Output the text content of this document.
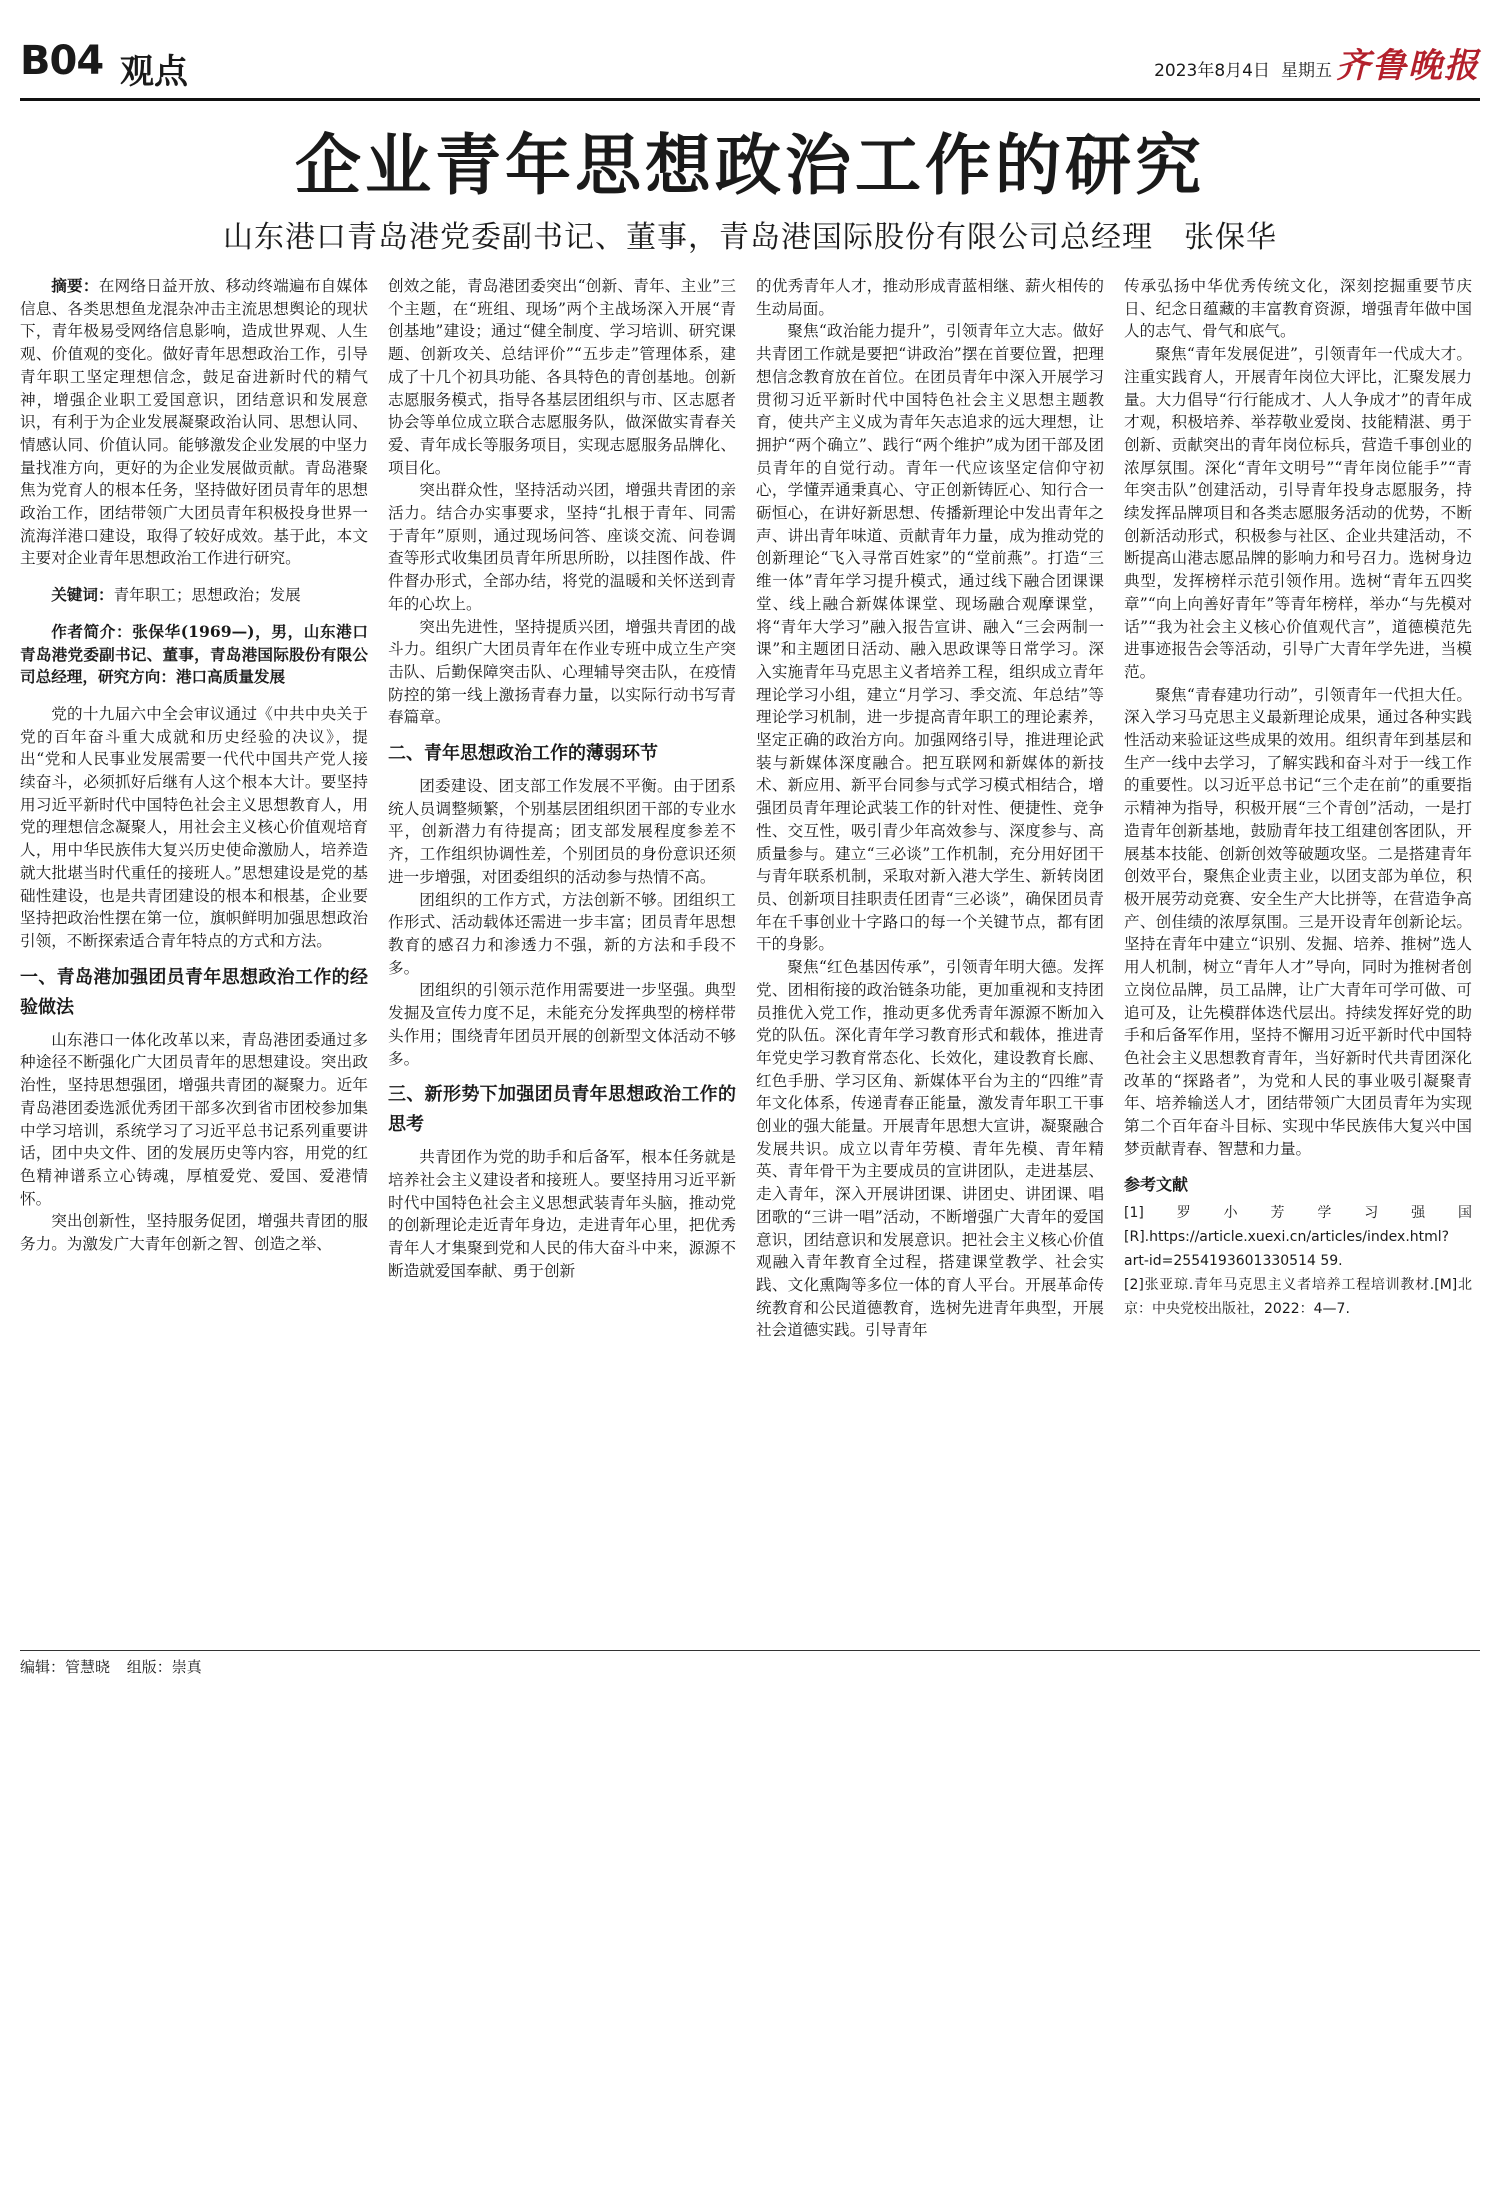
B04 观点	2023年8月4日 星期五 齐鲁晚报
企业青年思想政治工作的研究
山东港口青岛港党委副书记、董事，青岛港国际股份有限公司总经理　张保华

摘要：在网络日益开放、移动终端遍布自媒体信息、各类思想鱼龙混杂冲击主流思想舆论的现状下，青年极易受网络信息影响，造成世界观、人生观、价值观的变化。做好青年思想政治工作，引导青年职工坚定理想信念，鼓足奋进新时代的精气神，增强企业职工爱国意识，团结意识和发展意识，有利于为企业发展凝聚政治认同、思想认同、情感认同、价值认同。能够激发企业发展的中坚力量找准方向，更好的为企业发展做贡献。青岛港聚焦为党育人的根本任务，坚持做好团员青年的思想政治工作，团结带领广大团员青年积极投身世界一流海洋港口建设，取得了较好成效。基于此，本文主要对企业青年思想政治工作进行研究。

关键词：青年职工；思想政治；发展

作者简介：张保华(1969—)，男，山东港口青岛港党委副书记、董事，青岛港国际股份有限公司总经理，研究方向：港口高质量发展

党的十九届六中全会审议通过《中共中央关于党的百年奋斗重大成就和历史经验的决议》，提出“党和人民事业发展需要一代代中国共产党人接续奋斗，必须抓好后继有人这个根本大计。要坚持用习近平新时代中国特色社会主义思想教育人，用党的理想信念凝聚人，用社会主义核心价值观培育人，用中华民族伟大复兴历史使命激励人，培养造就大批堪当时代重任的接班人。”思想建设是党的基础性建设，也是共青团建设的根本和根基，企业要坚持把政治性摆在第一位，旗帜鲜明加强思想政治引领，不断探索适合青年特点的方式和方法。

一、青岛港加强团员青年思想政治工作的经验做法

山东港口一体化改革以来，青岛港团委通过多种途径不断强化广大团员青年的思想建设。突出政治性，坚持思想强团，增强共青团的凝聚力。近年青岛港团委选派优秀团干部多次到省市团校参加集中学习培训，系统学习了习近平总书记系列重要讲话，团中央文件、团的发展历史等内容，用党的红色精神谱系立心铸魂，厚植爱党、爱国、爱港情怀。

突出创新性，坚持服务促团，增强共青团的服务力。为激发广大青年创新之智、创造之举、

创效之能，青岛港团委突出“创新、青年、主业”三个主题，在“班组、现场”两个主战场深入开展“青创基地”建设；通过“健全制度、学习培训、研究课题、创新攻关、总结评价”“五步走”管理体系，建成了十几个初具功能、各具特色的青创基地。创新志愿服务模式，指导各基层团组织与市、区志愿者协会等单位成立联合志愿服务队，做深做实青春关爱、青年成长等服务项目，实现志愿服务品牌化、项目化。

突出群众性，坚持活动兴团，增强共青团的亲活力。结合办实事要求，坚持“扎根于青年、同需于青年”原则，通过现场问答、座谈交流、问卷调查等形式收集团员青年所思所盼，以挂图作战、件件督办形式，全部办结，将党的温暖和关怀送到青年的心坎上。

突出先进性，坚持提质兴团，增强共青团的战斗力。组织广大团员青年在作业专班中成立生产突击队、后勤保障突击队、心理辅导突击队，在疫情防控的第一线上激扬青春力量，以实际行动书写青春篇章。

二、青年思想政治工作的薄弱环节

团委建设、团支部工作发展不平衡。由于团系统人员调整频繁，个别基层团组织团干部的专业水平，创新潜力有待提高；团支部发展程度参差不齐，工作组织协调性差，个别团员的身份意识还须进一步增强，对团委组织的活动参与热情不高。

团组织的工作方式，方法创新不够。团组织工作形式、活动载体还需进一步丰富；团员青年思想教育的感召力和渗透力不强，新的方法和手段不多。

团组织的引领示范作用需要进一步坚强。典型发掘及宣传力度不足，未能充分发挥典型的榜样带头作用；围绕青年团员开展的创新型文体活动不够多。

三、新形势下加强团员青年思想政治工作的思考

共青团作为党的助手和后备军，根本任务就是培养社会主义建设者和接班人。要坚持用习近平新时代中国特色社会主义思想武装青年头脑，推动党的创新理论走近青年身边，走进青年心里，把优秀青年人才集聚到党和人民的伟大奋斗中来，源源不断造就爱国奉献、勇于创新

的优秀青年人才，推动形成青蓝相继、薪火相传的生动局面。

聚焦“政治能力提升”，引领青年立大志。做好共青团工作就是要把“讲政治”摆在首要位置，把理想信念教育放在首位。在团员青年中深入开展学习贯彻习近平新时代中国特色社会主义思想主题教育，使共产主义成为青年矢志追求的远大理想，让拥护“两个确立”、践行“两个维护”成为团干部及团员青年的自觉行动。青年一代应该坚定信仰守初心，学懂弄通秉真心、守正创新铸匠心、知行合一砺恒心，在讲好新思想、传播新理论中发出青年之声、讲出青年味道、贡献青年力量，成为推动党的创新理论“飞入寻常百姓家”的“堂前燕”。打造“三维一体”青年学习提升模式，通过线下融合团课课堂、线上融合新媒体课堂、现场融合观摩课堂，将“青年大学习”融入报告宣讲、融入“三会两制一课”和主题团日活动、融入思政课等日常学习。深入实施青年马克思主义者培养工程，组织成立青年理论学习小组，建立“月学习、季交流、年总结”等理论学习机制，进一步提高青年职工的理论素养，坚定正确的政治方向。加强网络引导，推进理论武装与新媒体深度融合。把互联网和新媒体的新技术、新应用、新平台同参与式学习模式相结合，增强团员青年理论武装工作的针对性、便捷性、竞争性、交互性，吸引青少年高效参与、深度参与、高质量参与。建立“三必谈”工作机制，充分用好团干与青年联系机制，采取对新入港大学生、新转岗团员、创新项目挂职责任团青“三必谈”，确保团员青年在千事创业十字路口的每一个关键节点，都有团干的身影。

聚焦“红色基因传承”，引领青年明大德。发挥党、团相衔接的政治链条功能，更加重视和支持团员推优入党工作，推动更多优秀青年源源不断加入党的队伍。深化青年学习教育形式和载体，推进青年党史学习教育常态化、长效化，建设教育长廊、红色手册、学习区角、新媒体平台为主的“四维”青年文化体系，传递青春正能量，激发青年职工干事创业的强大能量。开展青年思想大宣讲，凝聚融合发展共识。成立以青年劳模、青年先模、青年精英、青年骨干为主要成员的宣讲团队，走进基层、走入青年，深入开展讲团课、讲团史、讲团课、唱团歌的“三讲一唱”活动，不断增强广大青年的爱国意识，团结意识和发展意识。把社会主义核心价值观融入青年教育全过程，搭建课堂教学、社会实践、文化熏陶等多位一体的育人平台。开展革命传统教育和公民道德教育，选树先进青年典型，开展社会道德实践。引导青年

传承弘扬中华优秀传统文化，深刻挖掘重要节庆日、纪念日蕴藏的丰富教育资源，增强青年做中国人的志气、骨气和底气。

聚焦“青年发展促进”，引领青年一代成大才。注重实践育人，开展青年岗位大评比，汇聚发展力量。大力倡导“行行能成才、人人争成才”的青年成才观，积极培养、举荐敬业爱岗、技能精湛、勇于创新、贡献突出的青年岗位标兵，营造千事创业的浓厚氛围。深化“青年文明号”“青年岗位能手”“青年突击队”创建活动，引导青年投身志愿服务，持续发挥品牌项目和各类志愿服务活动的优势，不断创新活动形式，积极参与社区、企业共建活动，不断提高山港志愿品牌的影响力和号召力。选树身边典型，发挥榜样示范引领作用。选树“青年五四奖章”“向上向善好青年”等青年榜样，举办“与先模对话”“我为社会主义核心价值观代言”，道德模范先进事迹报告会等活动，引导广大青年学先进，当模范。

聚焦“青春建功行动”，引领青年一代担大任。深入学习马克思主义最新理论成果，通过各种实践性活动来验证这些成果的效用。组织青年到基层和生产一线中去学习，了解实践和奋斗对于一线工作的重要性。以习近平总书记“三个走在前”的重要指示精神为指导，积极开展“三个青创”活动，一是打造青年创新基地，鼓励青年技工组建创客团队，开展基本技能、创新创效等破题攻坚。二是搭建青年创效平台，聚焦企业责主业，以团支部为单位，积极开展劳动竞赛、安全生产大比拼等，在营造争高产、创佳绩的浓厚氛围。三是开设青年创新论坛。坚持在青年中建立“识别、发掘、培养、推树”选人用人机制，树立“青年人才”导向，同时为推树者创立岗位品牌，员工品牌，让广大青年可学可做、可追可及，让先模群体迭代层出。持续发挥好党的助手和后备军作用，坚持不懈用习近平新时代中国特色社会主义思想教育青年，当好新时代共青团深化改革的“探路者”，为党和人民的事业吸引凝聚青年、培养输送人才，团结带领广大团员青年为实现第二个百年奋斗目标、实现中华民族伟大复兴中国梦贡献青春、智慧和力量。

参考文献

[1]罗小芳学习强国[R].https://article.xuexi.cn/articles/index.html?art-id=2554193601330514 59.

[2]张亚琼.青年马克思主义者培养工程培训教材.[M]北京：中央党校出版社，2022：4—7.

编辑：管慧晓 组版：崇真
